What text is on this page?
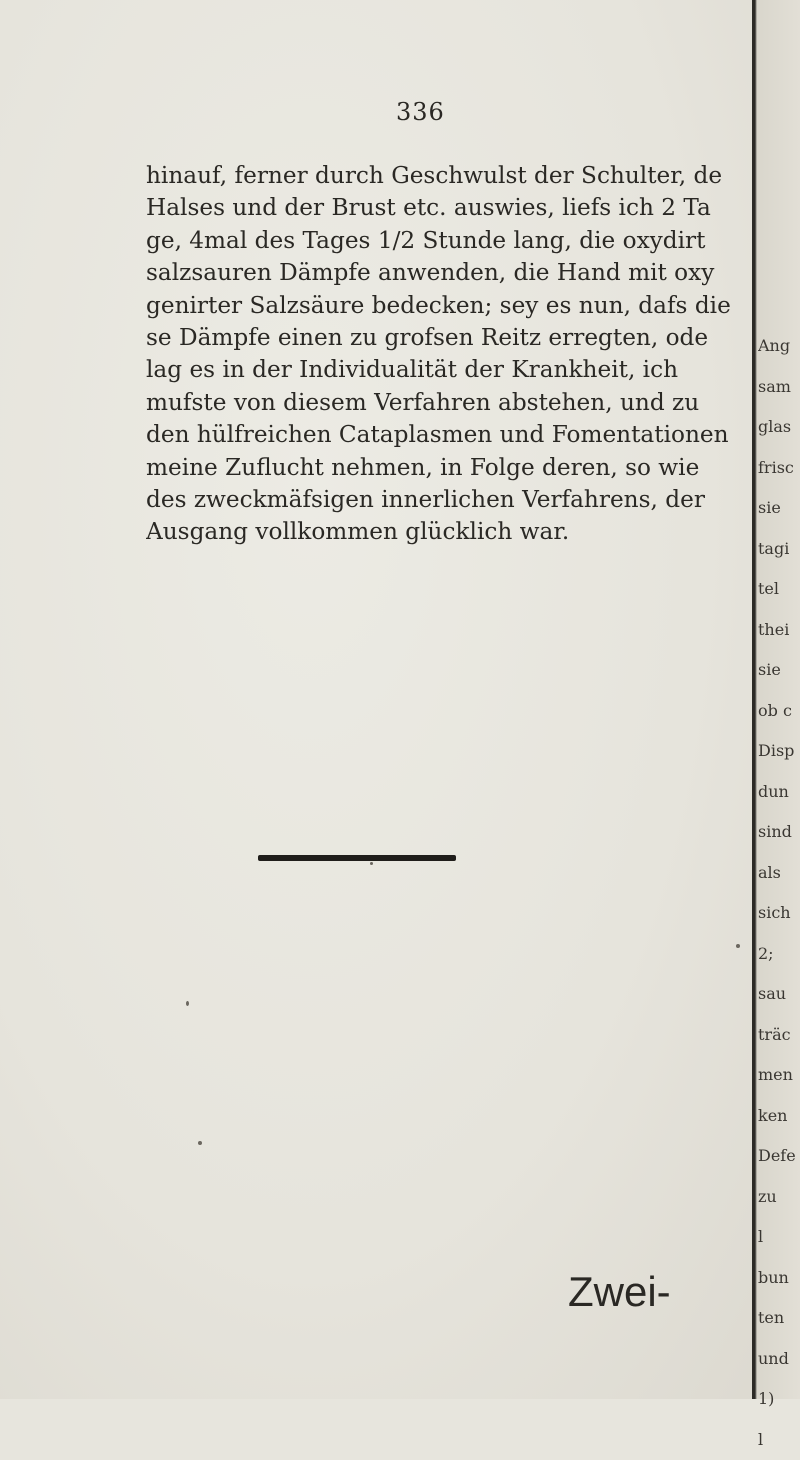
336
hinauf, ferner durch Geschwulst der Schulter, de
Halses und der Brust etc. auswies, liefs ich 2 Ta
ge, 4mal des Tages 1/2 Stunde lang, die oxydirt
salzsauren Dämpfe anwenden, die Hand mit oxy
genirter Salzsäure bedecken; sey es nun, dafs die
se Dämpfe einen zu grofsen Reitz erregten, ode
lag es in der Individualität der Krankheit, ich
mufste von diesem Verfahren abstehen, und zu
den hülfreichen Cataplasmen und Fomentationen
meine Zuflucht nehmen, in Folge deren, so wie
des zweckmäfsigen innerlichen Verfahrens, der
Ausgang vollkommen glücklich war.
Zwei-
Ang
sam
glas
frisc
sie
tagi
tel
thei
sie
ob c
Disp
dun
sind
als
sich
2;
sau
träc
men
ken
Defe
zu
l
bun
ten
und
1)
l
